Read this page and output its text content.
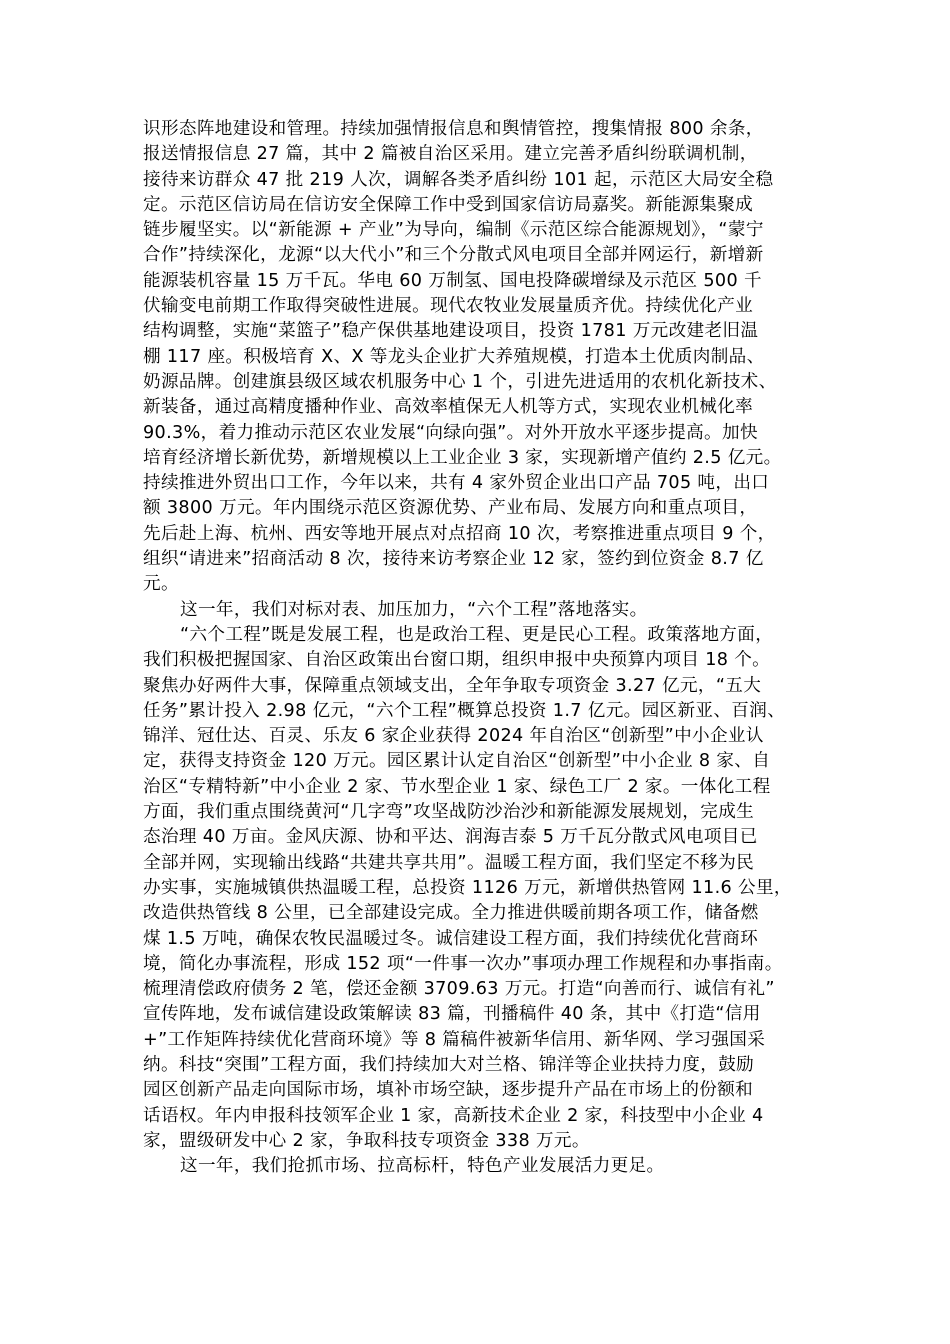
识形态阵地建设和管理。持续加强情报信息和舆情管控，搜集情报 800 余条，
报送情报信息 27 篇，其中 2 篇被自治区采用。建立完善矛盾纠纷联调机制，
接待来访群众 47 批 219 人次，调解各类矛盾纠纷 101 起，示范区大局安全稳
定。示范区信访局在信访安全保障工作中受到国家信访局嘉奖。新能源集聚成
链步履坚实。以“新能源 + 产业”为导向，编制《示范区综合能源规划》，“蒙宁
合作”持续深化，龙源“以大代小”和三个分散式风电项目全部并网运行，新增新
能源装机容量 15 万千瓦。华电 60 万制氢、国电投降碳增绿及示范区 500 千
伏输变电前期工作取得突破性进展。现代农牧业发展量质齐优。持续优化产业
结构调整，实施“菜篮子”稳产保供基地建设项目，投资 1781 万元改建老旧温
棚 117 座。积极培育 X、X 等龙头企业扩大养殖规模，打造本土优质肉制品、
奶源品牌。创建旗县级区域农机服务中心 1 个，引进先进适用的农机化新技术、
新装备，通过高精度播种作业、高效率植保无人机等方式，实现农业机械化率
90.3%，着力推动示范区农业发展“向绿向强”。对外开放水平逐步提高。加快
培育经济增长新优势，新增规模以上工业企业 3 家，实现新增产值约 2.5 亿元。
持续推进外贸出口工作，今年以来，共有 4 家外贸企业出口产品 705 吨，出口
额 3800 万元。年内围绕示范区资源优势、产业布局、发展方向和重点项目，
先后赴上海、杭州、西安等地开展点对点招商 10 次，考察推进重点项目 9 个，
组织“请进来”招商活动 8 次，接待来访考察企业 12 家，签约到位资金 8.7 亿
元。
这一年，我们对标对表、加压加力，“六个工程”落地落实。
“六个工程”既是发展工程，也是政治工程、更是民心工程。政策落地方面，
我们积极把握国家、自治区政策出台窗口期，组织申报中央预算内项目 18 个。
聚焦办好两件大事，保障重点领域支出，全年争取专项资金 3.27 亿元，“五大
任务”累计投入 2.98 亿元，“六个工程”概算总投资 1.7 亿元。园区新亚、百润、
锦洋、冠仕达、百灵、乐友 6 家企业获得 2024 年自治区“创新型”中小企业认
定，获得支持资金 120 万元。园区累计认定自治区“创新型”中小企业 8 家、自
治区“专精特新”中小企业 2 家、节水型企业 1 家、绿色工厂 2 家。一体化工程
方面，我们重点围绕黄河“几字弯”攻坚战防沙治沙和新能源发展规划，完成生
态治理 40 万亩。金风庆源、协和平达、润海吉泰 5 万千瓦分散式风电项目已
全部并网，实现输出线路“共建共享共用”。温暖工程方面，我们坚定不移为民
办实事，实施城镇供热温暖工程，总投资 1126 万元，新增供热管网 11.6 公里，
改造供热管线 8 公里，已全部建设完成。全力推进供暖前期各项工作，储备燃
煤 1.5 万吨，确保农牧民温暖过冬。诚信建设工程方面，我们持续优化营商环
境，简化办事流程，形成 152 项“一件事一次办”事项办理工作规程和办事指南。
梳理清偿政府债务 2 笔，偿还金额 3709.63 万元。打造“向善而行、诚信有礼”
宣传阵地，发布诚信建设政策解读 83 篇，刊播稿件 40 条，其中《打造“信用
+”工作矩阵持续优化营商环境》等 8 篇稿件被新华信用、新华网、学习强国采
纳。科技“突围”工程方面，我们持续加大对兰格、锦洋等企业扶持力度，鼓励
园区创新产品走向国际市场，填补市场空缺，逐步提升产品在市场上的份额和
话语权。年内申报科技领军企业 1 家，高新技术企业 2 家，科技型中小企业 4
家，盟级研发中心 2 家，争取科技专项资金 338 万元。
这一年，我们抢抓市场、拉高标杆，特色产业发展活力更足。
